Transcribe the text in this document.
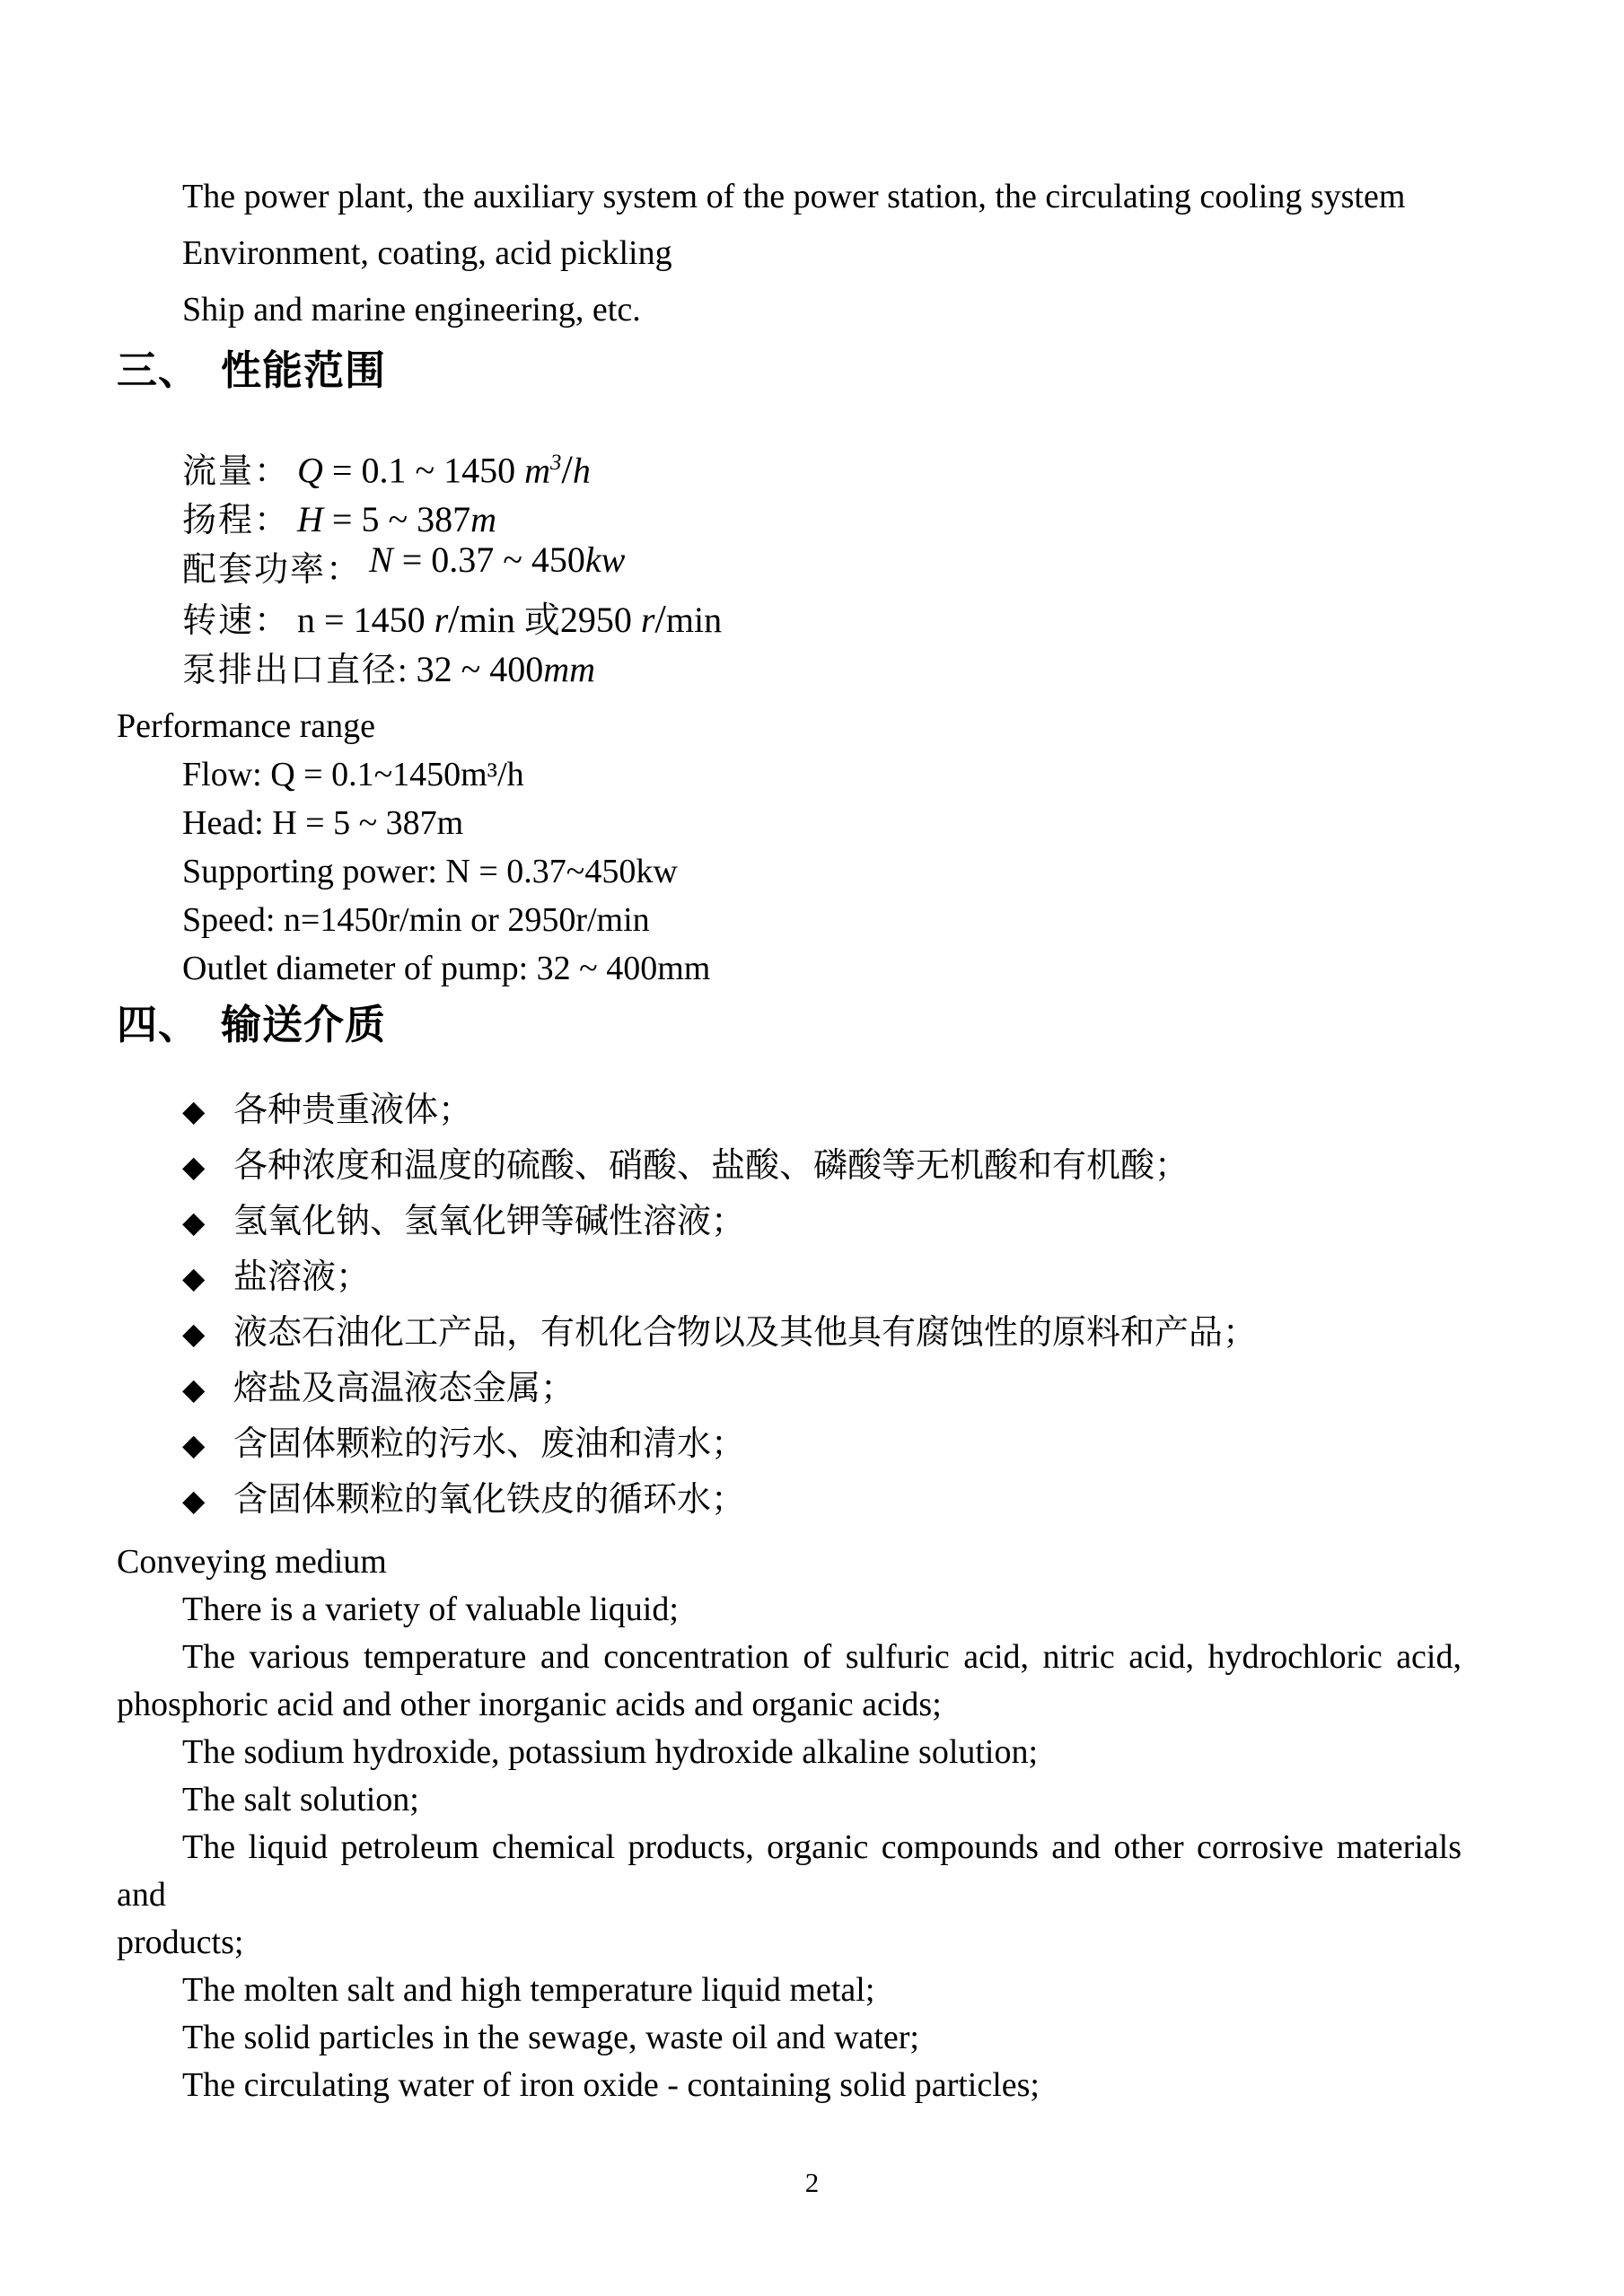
The power plant, the auxiliary system of the power station, the circulating cooling system
Environment, coating, acid pickling
Ship and marine engineering, etc.
三、 性能范围
流量： Q = 0.1 ~ 1450 $m^3/h$
扬程： H = 5 ~ 387m
配套功率： N = 0.37 ~ 450kw
转速： n = 1450 r/min 或2950 r/min
泵排出口直径: 32 ~ 400mm
Performance range
Flow: Q = 0.1~1450m³/h
Head: H = 5 ~ 387m
Supporting power: N = 0.37~450kw
Speed: n=1450r/min or 2950r/min
Outlet diameter of pump: 32 ~ 400mm
四、 输送介质
◆ 各种贵重液体；
◆ 各种浓度和温度的硫酸、硝酸、盐酸、磷酸等无机酸和有机酸；
◆ 氢氧化钠、氢氧化钾等碱性溶液；
◆ 盐溶液；
◆ 液态石油化工产品，有机化合物以及其他具有腐蚀性的原料和产品；
◆ 熔盐及高温液态金属；
◆ 含固体颗粒的污水、废油和清水；
◆ 含固体颗粒的氧化铁皮的循环水；
Conveying medium
There is a variety of valuable liquid;
The various temperature and concentration of sulfuric acid, nitric acid, hydrochloric acid,
phosphoric acid and other inorganic acids and organic acids;
The sodium hydroxide, potassium hydroxide alkaline solution;
The salt solution;
The liquid petroleum chemical products, organic compounds and other corrosive materials and
products;
The molten salt and high temperature liquid metal;
The solid particles in the sewage, waste oil and water;
The circulating water of iron oxide - containing solid particles;
2
